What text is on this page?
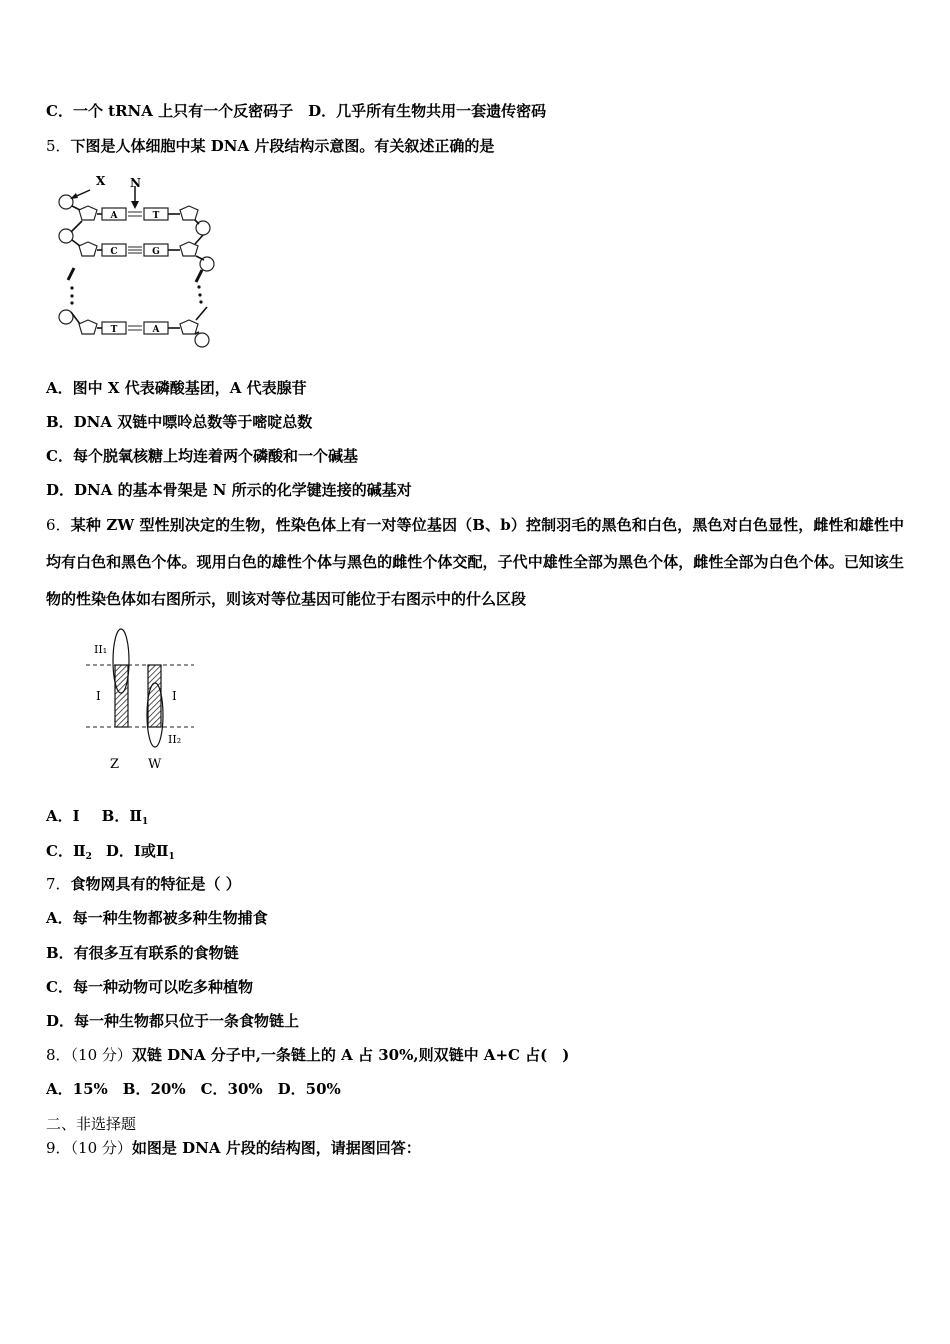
C．一个 tRNA 上只有一个反密码子　D．几乎所有生物共用一套遗传密码
5．下图是人体细胞中某 DNA 片段结构示意图。有关叙述正确的是
X N
A	T
C	G
T	A
A．图中 X 代表磷酸基团，A 代表腺苷
B．DNA 双链中嘌呤总数等于嘧啶总数
C．每个脱氧核糖上均连着两个磷酸和一个碱基
D．DNA 的基本骨架是 N 所示的化学键连接的碱基对
6．某种 ZW 型性别决定的生物，性染色体上有一对等位基因（B、b）控制羽毛的黑色和白色，黑色对白色显性，雌性和雄性中均有白色和黑色个体。现用白色的雄性个体与黑色的雌性个体交配，子代中雄性全部为黑色个体，雌性全部为白色个体。已知该生物的性染色体如右图所示，则该对等位基因可能位于右图示中的什么区段
II₁
II₂
I	I
Z W
A．Ⅰ B．$Ⅱ_1$
C．$Ⅱ_2$ D．Ⅰ或$Ⅱ_1$
7．食物网具有的特征是（ ）
A．每一种生物都被多种生物捕食
B．有很多互有联系的食物链
C．每一种动物可以吃多种植物
D．每一种生物都只位于一条食物链上
8．（10 分）双链 DNA 分子中,一条链上的 A 占 30%,则双链中 A+C 占(　)
A．15%　B．20%　C．30%　D．50%
二、非选择题
9．（10 分）如图是 DNA 片段的结构图，请据图回答：
